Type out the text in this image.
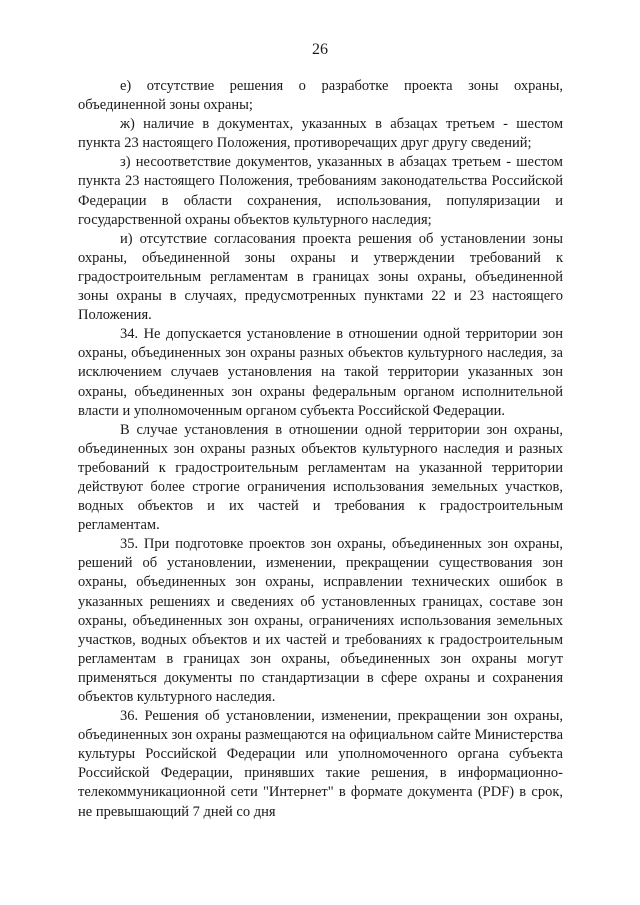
26

е) отсутствие решения о разработке проекта зоны охраны, объединенной зоны охраны;

ж) наличие в документах, указанных в абзацах третьем - шестом пункта 23 настоящего Положения, противоречащих друг другу сведений;

з) несоответствие документов, указанных в абзацах третьем - шестом пункта 23 настоящего Положения, требованиям законодательства Российской Федерации в области сохранения, использования, популяризации и государственной охраны объектов культурного наследия;

и) отсутствие согласования проекта решения об установлении зоны охраны, объединенной зоны охраны и утверждении требований к градостроительным регламентам в границах зоны охраны, объединенной зоны охраны в случаях, предусмотренных пунктами 22 и 23 настоящего Положения.

34. Не допускается установление в отношении одной территории зон охраны, объединенных зон охраны разных объектов культурного наследия, за исключением случаев установления на такой территории указанных зон охраны, объединенных зон охраны федеральным органом исполнительной власти и уполномоченным органом субъекта Российской Федерации.

В случае установления в отношении одной территории зон охраны, объединенных зон охраны разных объектов культурного наследия и разных требований к градостроительным регламентам на указанной территории действуют более строгие ограничения использования земельных участков, водных объектов и их частей и требования к градостроительным регламентам.

35. При подготовке проектов зон охраны, объединенных зон охраны, решений об установлении, изменении, прекращении существования зон охраны, объединенных зон охраны, исправлении технических ошибок в указанных решениях и сведениях об установленных границах, составе зон охраны, объединенных зон охраны, ограничениях использования земельных участков, водных объектов и их частей и требованиях к градостроительным регламентам в границах зон охраны, объединенных зон охраны могут применяться документы по стандартизации в сфере охраны и сохранения объектов культурного наследия.

36. Решения об установлении, изменении, прекращении зон охраны, объединенных зон охраны размещаются на официальном сайте Министерства культуры Российской Федерации или уполномоченного органа субъекта Российской Федерации, принявших такие решения, в информационно-телекоммуникационной сети "Интернет" в формате документа (PDF) в срок, не превышающий 7 дней со дня
